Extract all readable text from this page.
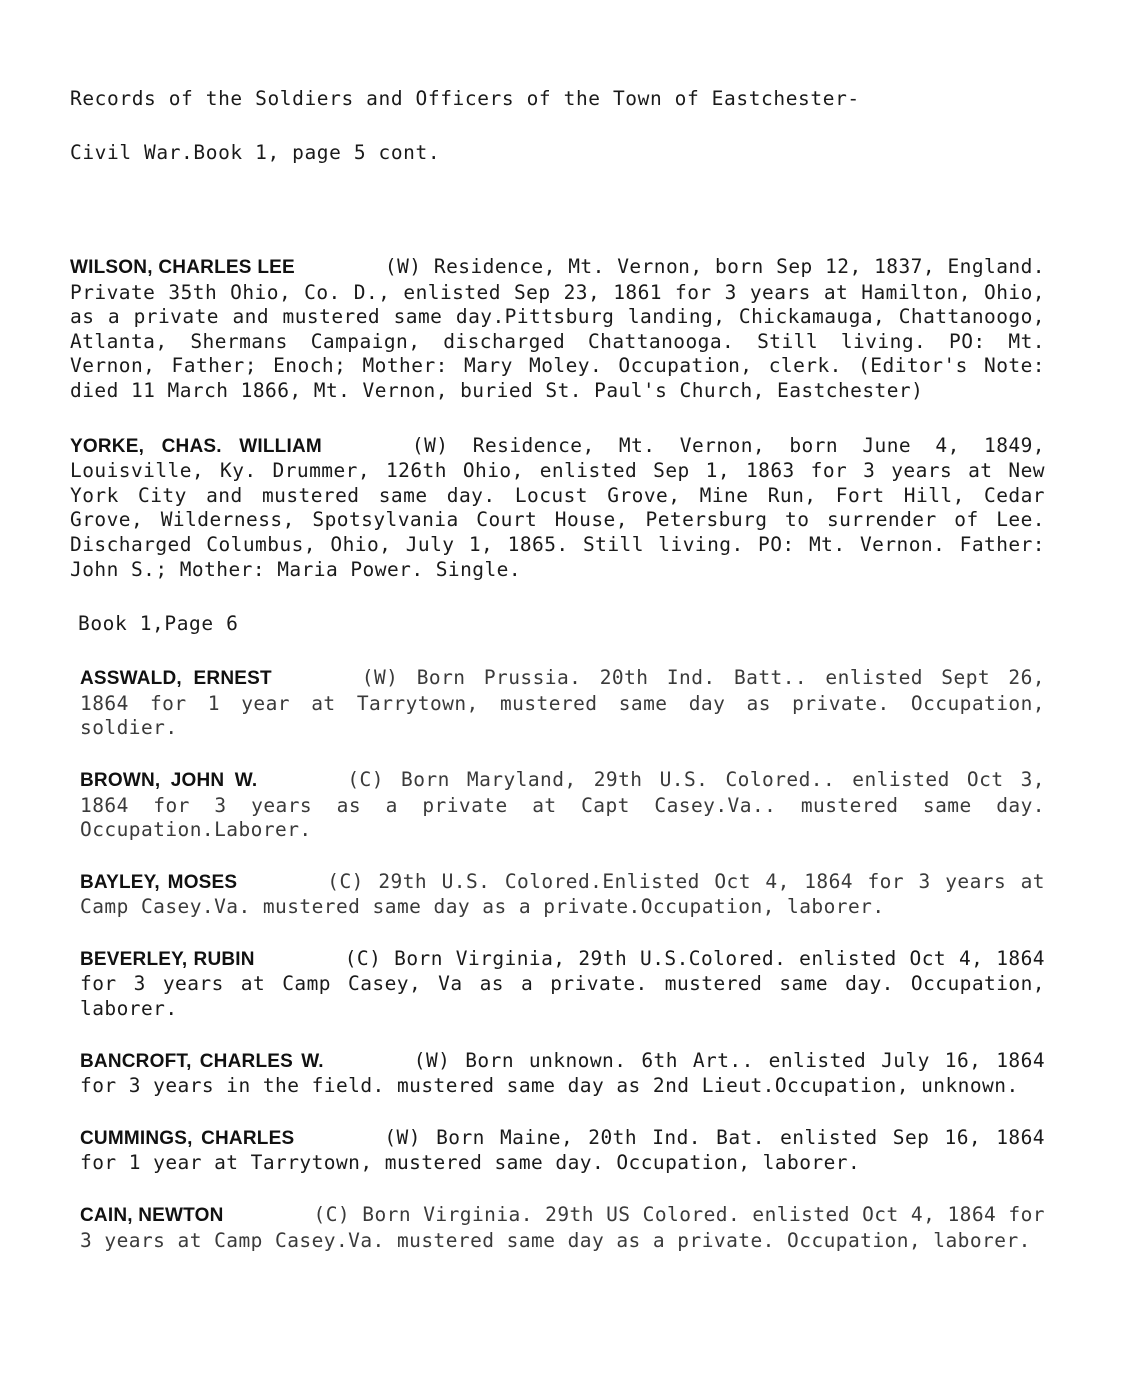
Records of the Soldiers and Officers of the Town of Eastchester-

Civil War.Book 1, page 5 cont.

WILSON, CHARLES LEE	(W) Residence, Mt. Vernon, born Sep 12, 1837, England. Private 35th Ohio, Co. D., enlisted Sep 23, 1861 for 3 years at Hamilton, Ohio, as a private and mustered same day.Pittsburg landing, Chickamauga, Chattanoogo, Atlanta, Shermans Campaign, discharged Chattanooga. Still living. PO: Mt. Vernon, Father; Enoch; Mother: Mary Moley. Occupation, clerk. (Editor's Note: died 11 March 1866, Mt. Vernon, buried St. Paul's Church, Eastchester)
YORKE, CHAS. WILLIAM	(W) Residence, Mt. Vernon, born June 4, 1849, Louisville, Ky. Drummer, 126th Ohio, enlisted Sep 1, 1863 for 3 years at New York City and mustered same day. Locust Grove, Mine Run, Fort Hill, Cedar Grove, Wilderness, Spotsylvania Court House, Petersburg to surrender of Lee. Discharged Columbus, Ohio, July 1, 1865. Still living. PO: Mt. Vernon. Father: John S.; Mother: Maria Power. Single.
Book 1,Page 6
ASSWALD, ERNEST	(W) Born Prussia. 20th Ind. Batt.. enlisted Sept 26, 1864 for 1 year at Tarrytown, mustered same day as private. Occupation, soldier.
BROWN, JOHN W.	(C) Born Maryland, 29th U.S. Colored.. enlisted Oct 3, 1864 for 3 years as a private at Capt Casey.Va.. mustered same day. Occupation.Laborer.
BAYLEY, MOSES	(C) 29th U.S. Colored.Enlisted Oct 4, 1864 for 3 years at Camp Casey.Va. mustered same day as a private.Occupation, laborer.
BEVERLEY, RUBIN	(C) Born Virginia, 29th U.S.Colored. enlisted Oct 4, 1864 for 3 years at Camp Casey, Va as a private. mustered same day. Occupation, laborer.
BANCROFT, CHARLES W.	(W) Born unknown. 6th Art.. enlisted July 16, 1864 for 3 years in the field. mustered same day as 2nd Lieut.Occupation, unknown.
CUMMINGS, CHARLES	(W) Born Maine, 20th Ind. Bat. enlisted Sep 16, 1864 for 1 year at Tarrytown, mustered same day. Occupation, laborer.
CAIN, NEWTON	(C) Born Virginia. 29th US Colored. enlisted Oct 4, 1864 for 3 years at Camp Casey.Va. mustered same day as a private. Occupation, laborer.
